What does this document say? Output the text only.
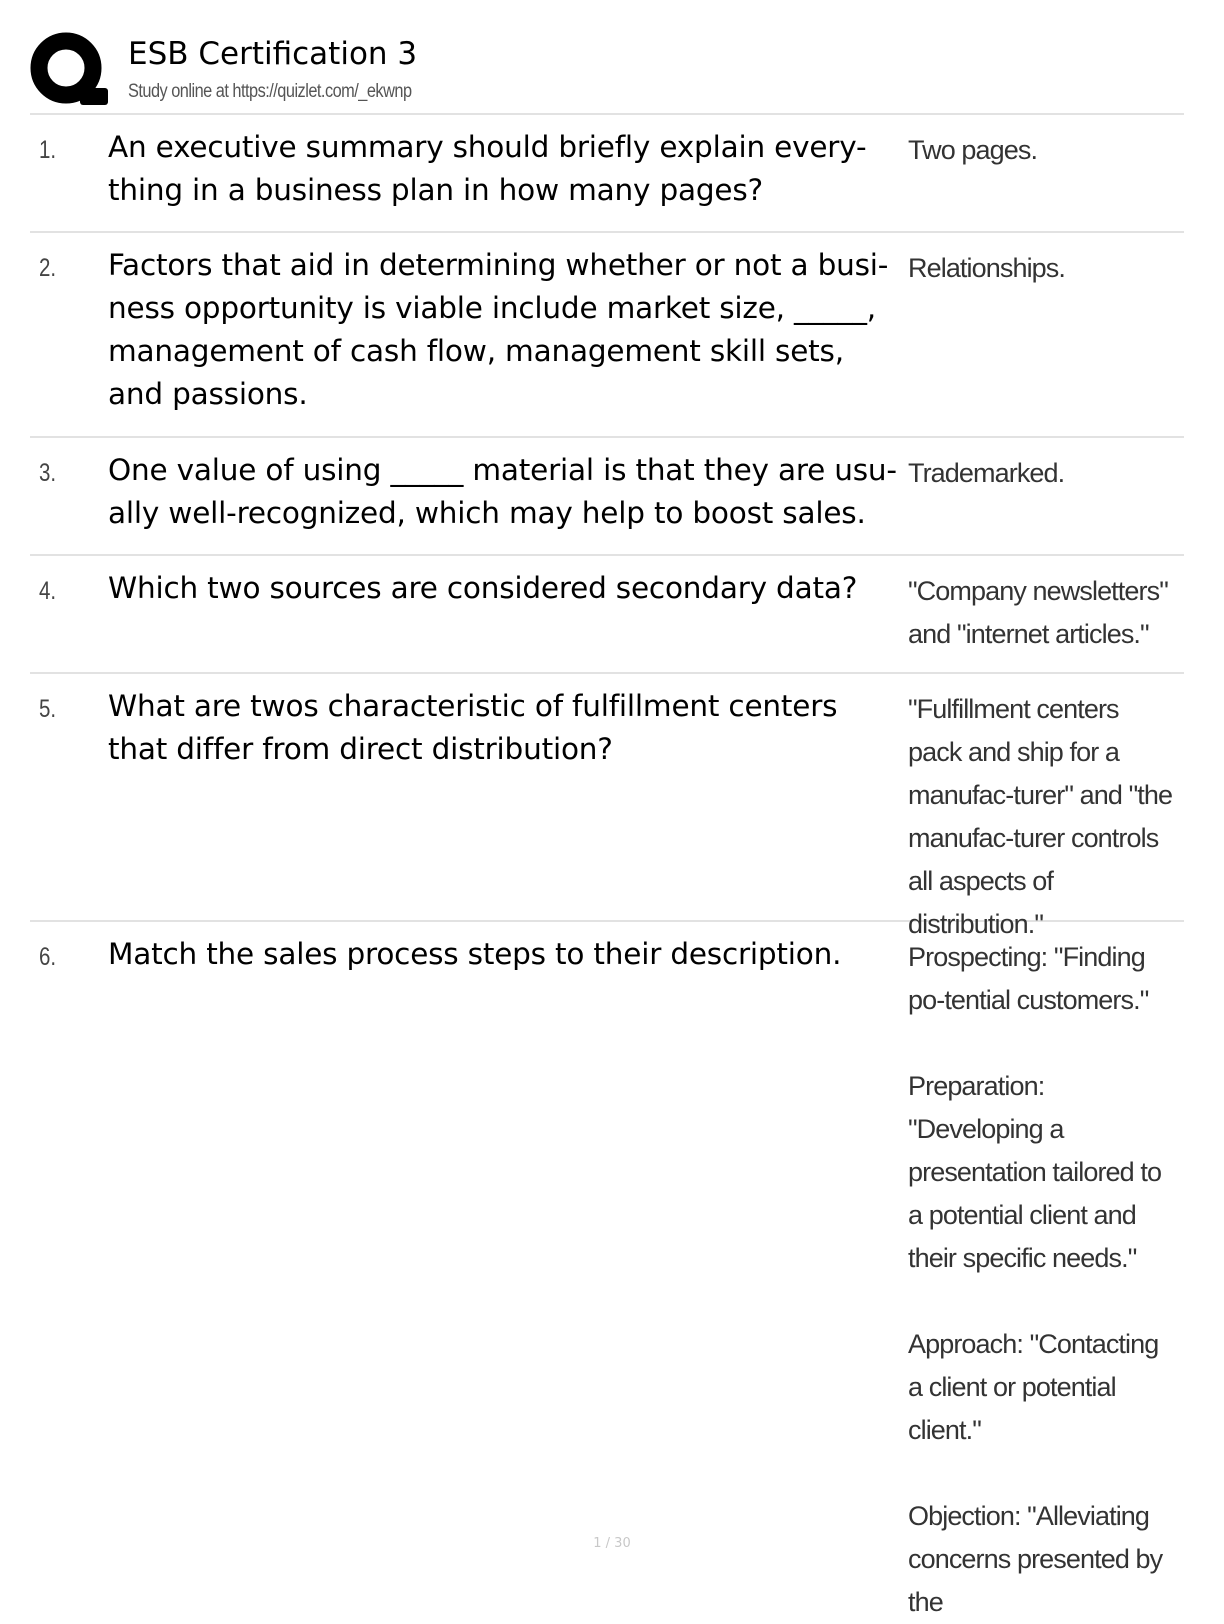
ESB Certification 3
Study online at https://quizlet.com/_ekwnp
1. An executive summary should briefly explain every-thing in a business plan in how many pages?

Two pages.

2. Factors that aid in determining whether or not a busi-ness opportunity is viable include market size, _____, management of cash flow, management skill sets, and passions.

Relationships.

3. One value of using _____ material is that they are usu-ally well-recognized, which may help to boost sales.

Trademarked.

4. Which two sources are considered secondary data?	"Company newsletters" and "internet articles."

5. What are twos characteristic of fulfillment centers that differ from direct distribution?

"Fulfillment centers pack and ship for a manufac-turer" and "the manufac-turer controls all aspects of distribution."

6. Match the sales process steps to their description.	Prospecting: "Finding po-tential customers."

Preparation: "Developing a presentation tailored to a potential client and their specific needs."

Approach: "Contacting a client or potential client."

Objection: "Alleviating concerns presented by the

1 / 30
